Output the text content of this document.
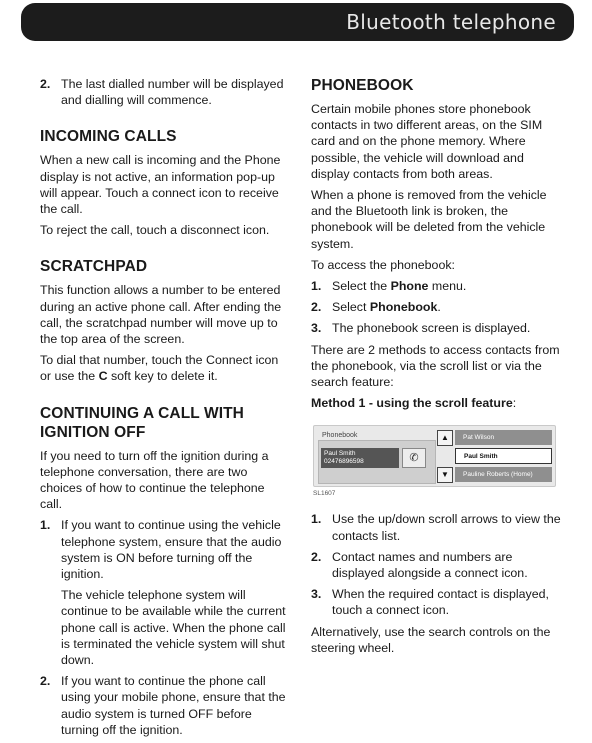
Bluetooth telephone
2. The last dialled number will be displayed and dialling will commence.
INCOMING CALLS

When a new call is incoming and the Phone display is not active, an information pop-up will appear. Touch a connect icon to receive the call.

To reject the call, touch a disconnect icon.

SCRATCHPAD

This function allows a number to be entered during an active phone call. After ending the call, the scratchpad number will move up to the top area of the screen.

To dial that number, touch the Connect icon or use the C soft key to delete it.

CONTINUING A CALL WITH IGNITION OFF

If you need to turn off the ignition during a telephone conversation, there are two choices of how to continue the telephone call.

1. If you want to continue using the vehicle telephone system, ensure that the audio system is ON before turning off the ignition.

The vehicle telephone system will continue to be available while the current phone call is active. When the phone call is terminated the vehicle system will shut down.

2. If you want to continue the phone call using your mobile phone, ensure that the audio system is turned OFF before turning off the ignition.

PHONEBOOK

Certain mobile phones store phonebook contacts in two different areas, on the SIM card and on the phone memory. Where possible, the vehicle will download and display contacts from both areas.

When a phone is removed from the vehicle and the Bluetooth link is broken, the phonebook will be deleted from the vehicle system.

To access the phonebook:

1. Select the Phone menu.
2. Select Phonebook.
3. The phonebook screen is displayed.

There are 2 methods to access contacts from the phonebook, via the scroll list or via the search feature:

Method 1 - using the scroll feature:

Phonebook
Paul Smith
02476896598	✆
▲
▼
Pat Wilson
Paul Smith
Pauline Roberts (Home)
SL1607
1. Use the up/down scroll arrows to view the contacts list.
2. Contact names and numbers are displayed alongside a connect icon.
3. When the required contact is displayed, touch a connect icon.

Alternatively, use the search controls on the steering wheel.
